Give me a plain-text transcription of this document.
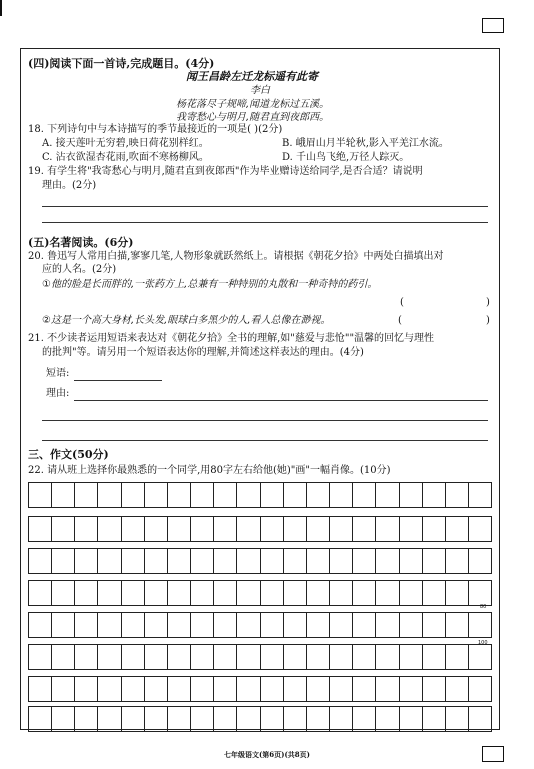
(四)阅读下面一首诗,完成题目。(4分)
闻王昌龄左迁龙标遥有此寄
李白
杨花落尽子规啼,闻道龙标过五溪。
我寄愁心与明月,随君直到夜郎西。
18. 下列诗句中与本诗描写的季节最接近的一项是( )(2分)
A. 接天莲叶无穷碧,映日荷花别样红。	B. 峨眉山月半轮秋,影入平羌江水流。
C. 沾衣欲湿杏花雨,吹面不寒杨柳风。	D. 千山鸟飞绝,万径人踪灭。
19. 有学生将"我寄愁心与明月,随君直到夜郎西"作为毕业赠诗送给同学,是否合适？请说明
理由。(2分)
(五)名著阅读。(6分)
20. 鲁迅写人常用白描,寥寥几笔,人物形象就跃然纸上。请根据《朝花夕拾》中两处白描填出对
应的人名。(2分)
①他的脸是长而胖的,一张药方上,总兼有一种特别的丸散和一种奇特的药引。
(	)
②这是一个高大身材,长头发,眼球白多黑少的人,看人总像在渺视。	(	)
21. 不少读者运用短语来表达对《朝花夕拾》全书的理解,如"慈爱与悲怆""温馨的回忆与理性
的批判"等。请另用一个短语表达你的理解,并简述这样表达的理由。(4分)
短语:
理由:
三、作文(50分)
22. 请从班上选择你最熟悉的一个同学,用80字左右给他(她)"画"一幅肖像。(10分)
80
100
七年级语文(第6页)(共8页)
